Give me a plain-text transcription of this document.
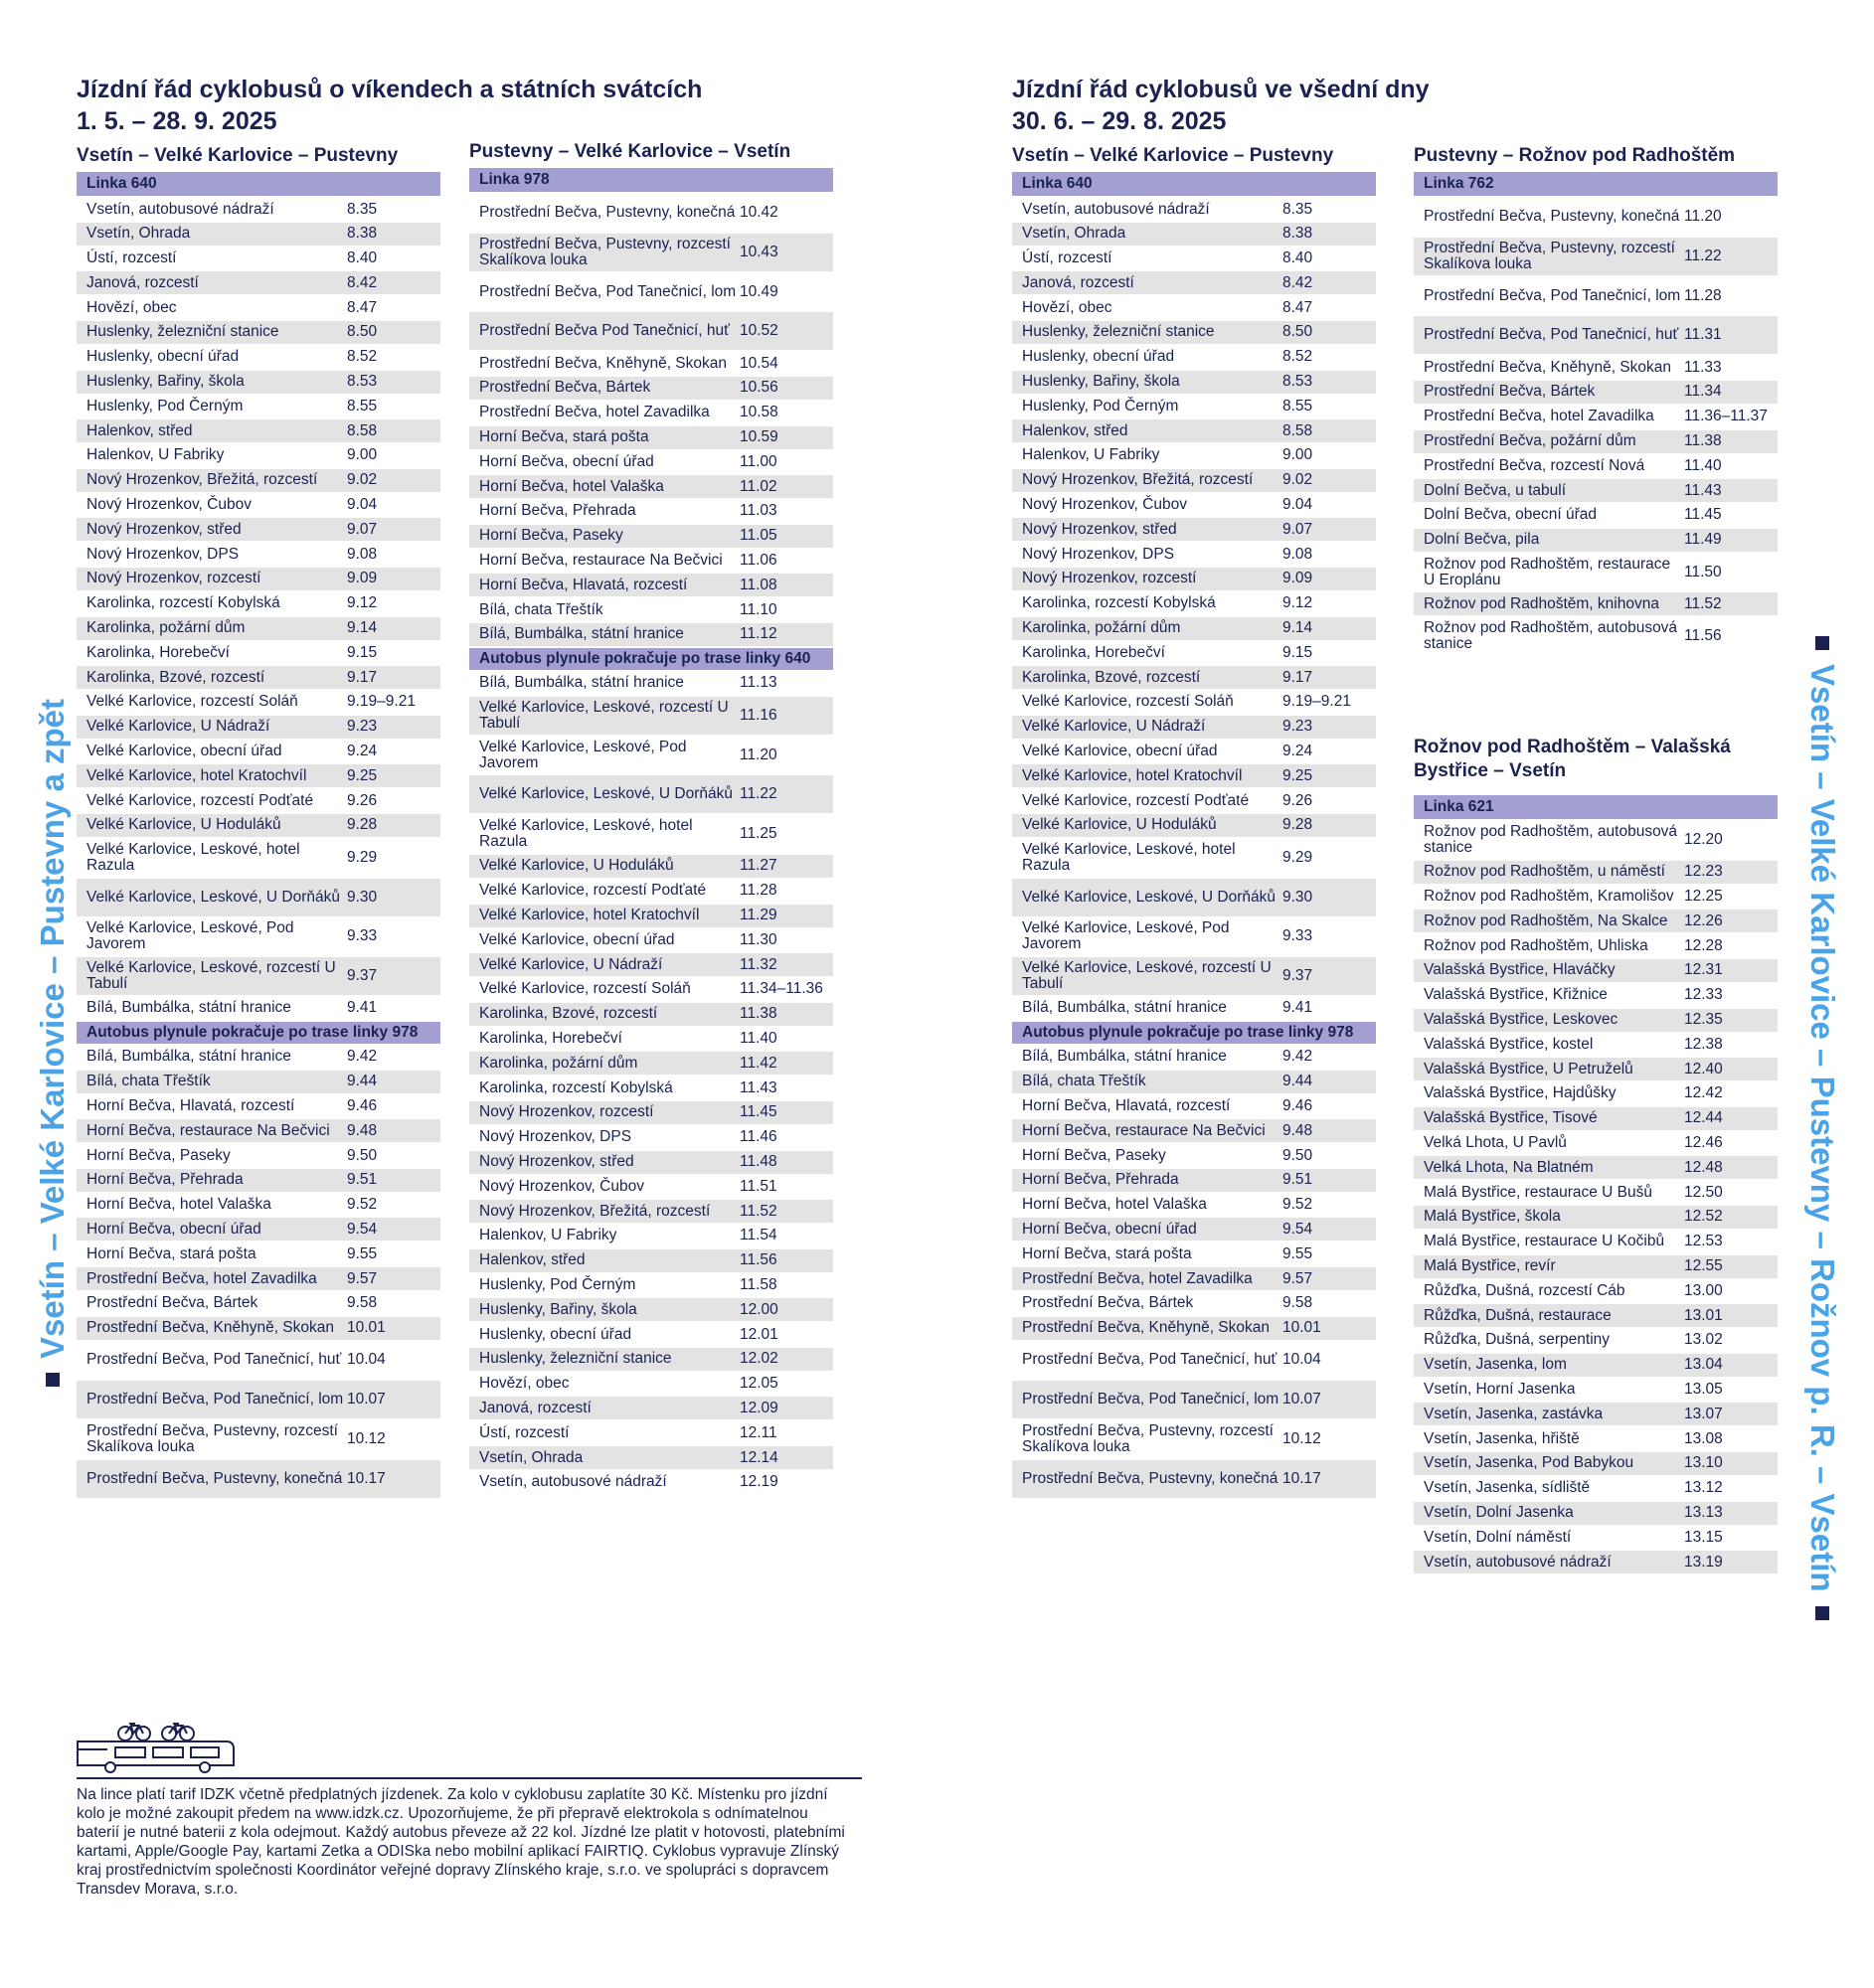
Jízdní řád cyklobusů o víkendech a státních svátcích
1. 5. – 28. 9. 2025
Jízdní řád cyklobusů ve všední dny
30. 6. – 29. 8. 2025
Vsetín – Velké Karlovice – Pustevny
Linka 640
Vsetín, autobusové nádraží	8.35
Vsetín, Ohrada	8.38
Ústí, rozcestí	8.40
Janová, rozcestí	8.42
Hovězí, obec	8.47
Huslenky, železniční stanice	8.50
Huslenky, obecní úřad	8.52
Huslenky, Bařiny, škola	8.53
Huslenky, Pod Černým	8.55
Halenkov, střed	8.58
Halenkov, U Fabriky	9.00
Nový Hrozenkov, Břežitá, rozcestí	9.02
Nový Hrozenkov, Čubov	9.04
Nový Hrozenkov, střed	9.07
Nový Hrozenkov, DPS	9.08
Nový Hrozenkov, rozcestí	9.09
Karolinka, rozcestí Kobylská	9.12
Karolinka, požární dům	9.14
Karolinka, Horebečví	9.15
Karolinka, Bzové, rozcestí	9.17
Velké Karlovice, rozcestí Soláň	9.19–9.21
Velké Karlovice, U Nádraží	9.23
Velké Karlovice, obecní úřad	9.24
Velké Karlovice, hotel Kratochvíl	9.25
Velké Karlovice, rozcestí Podťaté	9.26
Velké Karlovice, U Hoduláků	9.28
Velké Karlovice, Leskové, hotel Razula	9.29
Velké Karlovice, Leskové, U Dorňáků 9.30
Velké Karlovice, Leskové, Pod Javorem	9.33
Velké Karlovice, Leskové, rozcestí U Tabulí	9.37
Bílá, Bumbálka, státní hranice	9.41
Autobus plynule pokračuje po trase linky 978
Bílá, Bumbálka, státní hranice	9.42
Bílá, chata Třeštík	9.44
Horní Bečva, Hlavatá, rozcestí	9.46
Horní Bečva, restaurace Na Bečvici	9.48
Horní Bečva, Paseky	9.50
Horní Bečva, Přehrada	9.51
Horní Bečva, hotel Valaška	9.52
Horní Bečva, obecní úřad	9.54
Horní Bečva, stará pošta	9.55
Prostřední Bečva, hotel Zavadilka	9.57
Prostřední Bečva, Bártek	9.58
Prostřední Bečva, Kněhyně, Skokan 10.01
Prostřední Bečva, Pod Tanečnicí, huť 10.04
Prostřední Bečva, Pod Tanečnicí, lom 10.07
Prostřední Bečva, Pustevny, rozcestí Skalíkova louka	10.12
Prostřední Bečva, Pustevny, konečná 10.17
Pustevny – Velké Karlovice – Vsetín
Linka 978
Prostřední Bečva, Pustevny, konečná 10.42
Prostřední Bečva, Pustevny, rozcestí Skalíkova louka	10.43
Prostřední Bečva, Pod Tanečnicí, lom 10.49
Prostřední Bečva Pod Tanečnicí, huť 10.52
Prostřední Bečva, Kněhyně, Skokan 10.54
Prostřední Bečva, Bártek	10.56
Prostřední Bečva, hotel Zavadilka	10.58
Horní Bečva, stará pošta	10.59
Horní Bečva, obecní úřad	11.00
Horní Bečva, hotel Valaška	11.02
Horní Bečva, Přehrada	11.03
Horní Bečva, Paseky	11.05
Horní Bečva, restaurace Na Bečvici	11.06
Horní Bečva, Hlavatá, rozcestí	11.08
Bílá, chata Třeštík	11.10
Bílá, Bumbálka, státní hranice	11.12
Autobus plynule pokračuje po trase linky 640
Bílá, Bumbálka, státní hranice	11.13
Velké Karlovice, Leskové, rozcestí U Tabulí	11.16
Velké Karlovice, Leskové, Pod Javorem	11.20
Velké Karlovice, Leskové, U Dorňáků 11.22
Velké Karlovice, Leskové, hotel Razula	11.25
Velké Karlovice, U Hoduláků	11.27
Velké Karlovice, rozcestí Podťaté	11.28
Velké Karlovice, hotel Kratochvíl	11.29
Velké Karlovice, obecní úřad	11.30
Velké Karlovice, U Nádraží	11.32
Velké Karlovice, rozcestí Soláň	11.34–11.36
Karolinka, Bzové, rozcestí	11.38
Karolinka, Horebečví	11.40
Karolinka, požární dům	11.42
Karolinka, rozcestí Kobylská	11.43
Nový Hrozenkov, rozcestí	11.45
Nový Hrozenkov, DPS	11.46
Nový Hrozenkov, střed	11.48
Nový Hrozenkov, Čubov	11.51
Nový Hrozenkov, Břežitá, rozcestí	11.52
Halenkov, U Fabriky	11.54
Halenkov, střed	11.56
Huslenky, Pod Černým	11.58
Huslenky, Bařiny, škola	12.00
Huslenky, obecní úřad	12.01
Huslenky, železniční stanice	12.02
Hovězí, obec	12.05
Janová, rozcestí	12.09
Ústí, rozcestí	12.11
Vsetín, Ohrada	12.14
Vsetín, autobusové nádraží	12.19
Vsetín – Velké Karlovice – Pustevny
Linka 640
Vsetín, autobusové nádraží	8.35
Vsetín, Ohrada	8.38
Ústí, rozcestí	8.40
Janová, rozcestí	8.42
Hovězí, obec	8.47
Huslenky, železniční stanice	8.50
Huslenky, obecní úřad	8.52
Huslenky, Bařiny, škola	8.53
Huslenky, Pod Černým	8.55
Halenkov, střed	8.58
Halenkov, U Fabriky	9.00
Nový Hrozenkov, Břežitá, rozcestí	9.02
Nový Hrozenkov, Čubov	9.04
Nový Hrozenkov, střed	9.07
Nový Hrozenkov, DPS	9.08
Nový Hrozenkov, rozcestí	9.09
Karolinka, rozcestí Kobylská	9.12
Karolinka, požární dům	9.14
Karolinka, Horebečví	9.15
Karolinka, Bzové, rozcestí	9.17
Velké Karlovice, rozcestí Soláň	9.19–9.21
Velké Karlovice, U Nádraží	9.23
Velké Karlovice, obecní úřad	9.24
Velké Karlovice, hotel Kratochvíl	9.25
Velké Karlovice, rozcestí Podťaté	9.26
Velké Karlovice, U Hoduláků	9.28
Velké Karlovice, Leskové, hotel Razula	9.29
Velké Karlovice, Leskové, U Dorňáků 9.30
Velké Karlovice, Leskové, Pod Javorem	9.33
Velké Karlovice, Leskové, rozcestí U Tabulí	9.37
Bílá, Bumbálka, státní hranice	9.41
Autobus plynule pokračuje po trase linky 978
Bílá, Bumbálka, státní hranice	9.42
Bílá, chata Třeštík	9.44
Horní Bečva, Hlavatá, rozcestí	9.46
Horní Bečva, restaurace Na Bečvici	9.48
Horní Bečva, Paseky	9.50
Horní Bečva, Přehrada	9.51
Horní Bečva, hotel Valaška	9.52
Horní Bečva, obecní úřad	9.54
Horní Bečva, stará pošta	9.55
Prostřední Bečva, hotel Zavadilka	9.57
Prostřední Bečva, Bártek	9.58
Prostřední Bečva, Kněhyně, Skokan 10.01
Prostřední Bečva, Pod Tanečnicí, huť 10.04
Prostřední Bečva, Pod Tanečnicí, lom 10.07
Prostřední Bečva, Pustevny, rozcestí Skalíkova louka	10.12
Prostřední Bečva, Pustevny, konečná 10.17
Pustevny – Rožnov pod Radhoštěm
Linka 762
Prostřední Bečva, Pustevny, konečná 11.20
Prostřední Bečva, Pustevny, rozcestí Skalíkova louka	11.22
Prostřední Bečva, Pod Tanečnicí, lom 11.28
Prostřední Bečva, Pod Tanečnicí, huť 11.31
Prostřední Bečva, Kněhyně, Skokan 11.33
Prostřední Bečva, Bártek	11.34
Prostřední Bečva, hotel Zavadilka	11.36–11.37
Prostřední Bečva, požární dům	11.38
Prostřední Bečva, rozcestí Nová	11.40
Dolní Bečva, u tabulí	11.43
Dolní Bečva, obecní úřad	11.45
Dolní Bečva, pila	11.49
Rožnov pod Radhoštěm, restaurace U Eroplánu	11.50
Rožnov pod Radhoštěm, knihovna	11.52
Rožnov pod Radhoštěm, autobusová stanice	11.56
Rožnov pod Radhoštěm – Valašská
Bystřice – Vsetín
Linka 621
Rožnov pod Radhoštěm, autobusová stanice	12.20
Rožnov pod Radhoštěm, u náměstí	12.23
Rožnov pod Radhoštěm, Kramolišov 12.25
Rožnov pod Radhoštěm, Na Skalce	12.26
Rožnov pod Radhoštěm, Uhliska	12.28
Valašská Bystřice, Hlaváčky	12.31
Valašská Bystřice, Křižnice	12.33
Valašská Bystřice, Leskovec	12.35
Valašská Bystřice, kostel	12.38
Valašská Bystřice, U Petruželů	12.40
Valašská Bystřice, Hajdůšky	12.42
Valašská Bystřice, Tisové	12.44
Velká Lhota, U Pavlů	12.46
Velká Lhota, Na Blatném	12.48
Malá Bystřice, restaurace U Bušů	12.50
Malá Bystřice, škola	12.52
Malá Bystřice, restaurace U Kočibů	12.53
Malá Bystřice, revír	12.55
Růžďka, Dušná, rozcestí Cáb	13.00
Růžďka, Dušná, restaurace	13.01
Růžďka, Dušná, serpentiny	13.02
Vsetín, Jasenka, lom	13.04
Vsetín, Horní Jasenka	13.05
Vsetín, Jasenka, zastávka	13.07
Vsetín, Jasenka, hřiště	13.08
Vsetín, Jasenka, Pod Babykou	13.10
Vsetín, Jasenka, sídliště	13.12
Vsetín, Dolní Jasenka	13.13
Vsetín, Dolní náměstí	13.15
Vsetín, autobusové nádraží	13.19
Vsetín – Velké Karlovice – Pustevny a zpět	Vsetín – Velké Karlovice – Pustevny – Rožnov p. R. – Vsetín
Na lince platí tarif IDZK včetně předplatných jízdenek. Za kolo v cyklobusu zaplatíte 30 Kč. Místenku pro jízdní kolo je možné zakoupit předem na www.idzk.cz. Upozorňujeme, že při přepravě elektrokola s odnímatelnou baterií je nutné baterii z kola odejmout. Každý autobus převeze až 22 kol. Jízdné lze platit v hotovosti, platebními kartami, Apple/Google Pay, kartami Zetka a ODISka nebo mobilní aplikací FAIRTIQ. Cyklobus vypravuje Zlínský kraj prostřednictvím společnosti Koordinátor veřejné dopravy Zlínského kraje, s.r.o. ve spolupráci s dopravcem Transdev Morava, s.r.o.
